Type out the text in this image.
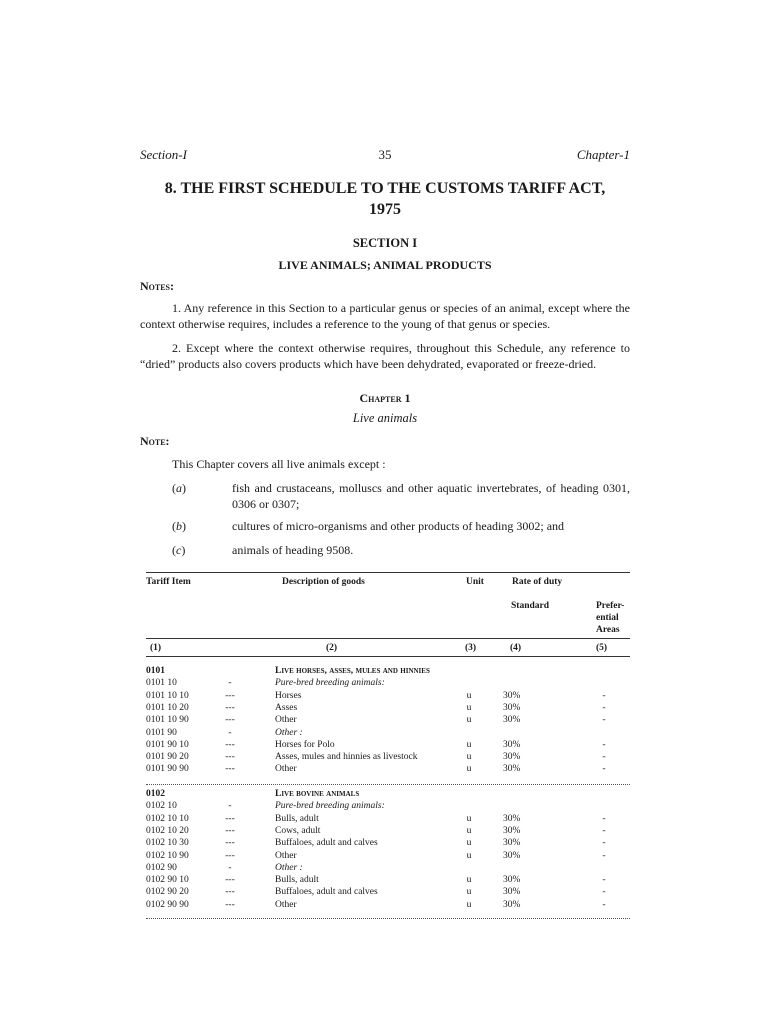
Section-I	35	Chapter-1
8. THE FIRST SCHEDULE TO THE CUSTOMS TARIFF ACT,
1975
SECTION I
LIVE ANIMALS; ANIMAL PRODUCTS
Notes:
1. Any reference in this Section to a particular genus or species of an animal, except where the context otherwise requires, includes a reference to the young of that genus or species.
2. Except where the context otherwise requires, throughout this Schedule, any reference to “dried” products also covers products which have been dehydrated, evaporated or freeze-dried.
Chapter 1
Live animals
Note:
This Chapter covers all live animals except :
(a)	fish and crustaceans, molluscs and other aquatic invertebrates, of heading 0301, 0306 or 0307;
(b)	cultures of micro-organisms and other products of heading 3002; and
(c)	animals of heading 9508.
Tariff Item	Description of goods	Unit	Rate of duty
Standard	Prefer-
ential
Areas
(1)	(2)	(3)	(4)	(5)
0101	Live horses, asses, mules and hinnies
0101 10	-	Pure-bred breeding animals:
0101 10 10	---	Horses	u	30%	-
0101 10 20	---	Asses	u	30%	-
0101 10 90	---	Other	u	30%	-
0101 90	-	Other :
0101 90 10	---	Horses for Polo	u	30%	-
0101 90 20	---	Asses, mules and hinnies as livestock	u	30%	-
0101 90 90	---	Other	u	30%	-
0102	Live bovine animals
0102 10	-	Pure-bred breeding animals:
0102 10 10	---	Bulls, adult	u	30%	-
0102 10 20	---	Cows, adult	u	30%	-
0102 10 30	---	Buffaloes, adult and calves	u	30%	-
0102 10 90	---	Other	u	30%	-
0102 90	-	Other :
0102 90 10	---	Bulls, adult	u	30%	-
0102 90 20	---	Buffaloes, adult and calves	u	30%	-
0102 90 90	---	Other	u	30%	-
